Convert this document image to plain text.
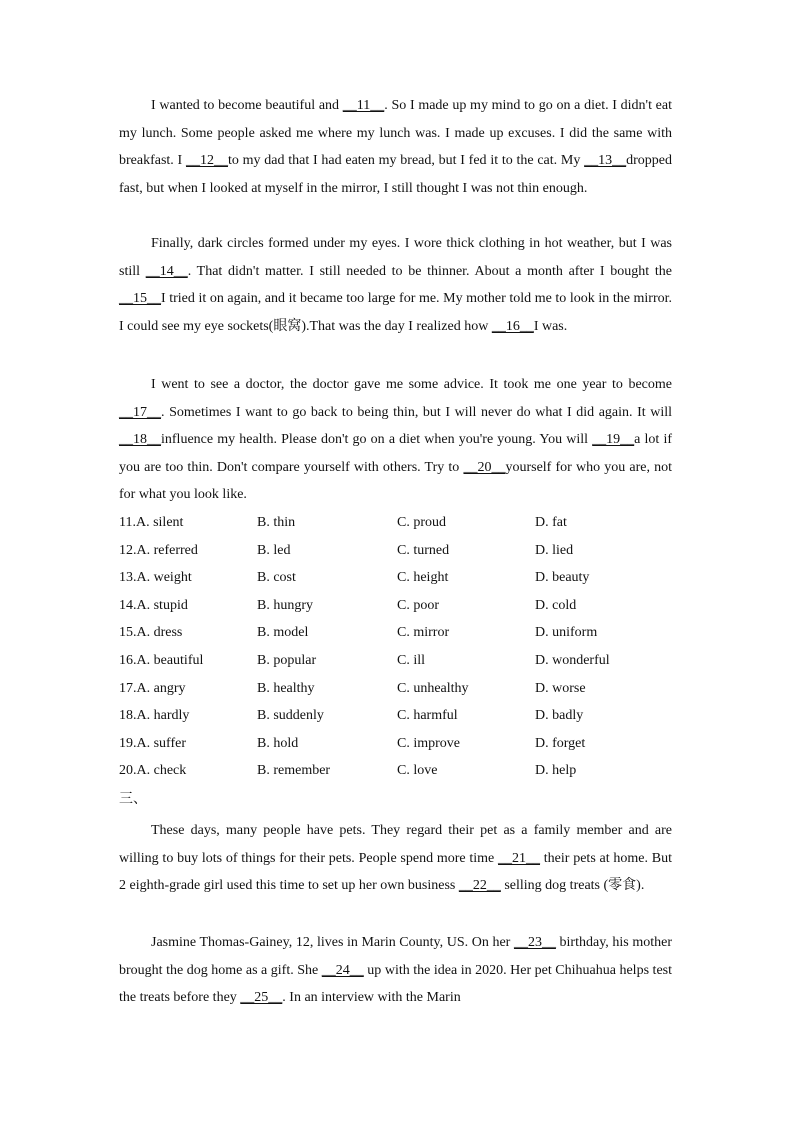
I wanted to become beautiful and __11__. So I made up my mind to go on a diet. I didn't eat my lunch. Some people asked me where my lunch was. I made up excuses. I did the same with breakfast. I __12__to my dad that I had eaten my bread, but I fed it to the cat. My __13__dropped fast, but when I looked at myself in the mirror, I still thought I was not thin enough.
Finally, dark circles formed under my eyes. I wore thick clothing in hot weather, but I was still __14__. That didn't matter. I still needed to be thinner. About a month after I bought the __15__I tried it on again, and it became too large for me. My mother told me to look in the mirror. I could see my eye sockets(眼窝).That was the day I realized how __16__I was.
I went to see a doctor, the doctor gave me some advice. It took me one year to become __17__. Sometimes I want to go back to being thin, but I will never do what I did again. It will __18__influence my health. Please don't go on a diet when you're young. You will __19__a lot if you are too thin. Don't compare yourself with others. Try to __20__yourself for who you are, not for what you look like.
11.A. silent	B. thin	C. proud	D. fat
12.A. referred	B. led	C. turned	D. lied
13.A. weight	B. cost	C. height	D. beauty
14.A. stupid	B. hungry	C. poor	D. cold
15.A. dress	B. model	C. mirror	D. uniform
16.A. beautiful	B. popular	C. ill	D. wonderful
17.A. angry	B. healthy	C. unhealthy	D. worse
18.A. hardly	B. suddenly	C. harmful	D. badly
19.A. suffer	B. hold	C. improve	D. forget
20.A. check	B. remember	C. love	D. help
三、
These days, many people have pets. They regard their pet as a family member and are willing to buy lots of things for their pets. People spend more time __21__ their pets at home. But 2 eighth-grade girl used this time to set up her own business __22__ selling dog treats (零食).
Jasmine Thomas-Gainey, 12, lives in Marin County, US. On her __23__ birthday, his mother brought the dog home as a gift. She __24__ up with the idea in 2020. Her pet Chihuahua helps test the treats before they __25__. In an interview with the Marin
